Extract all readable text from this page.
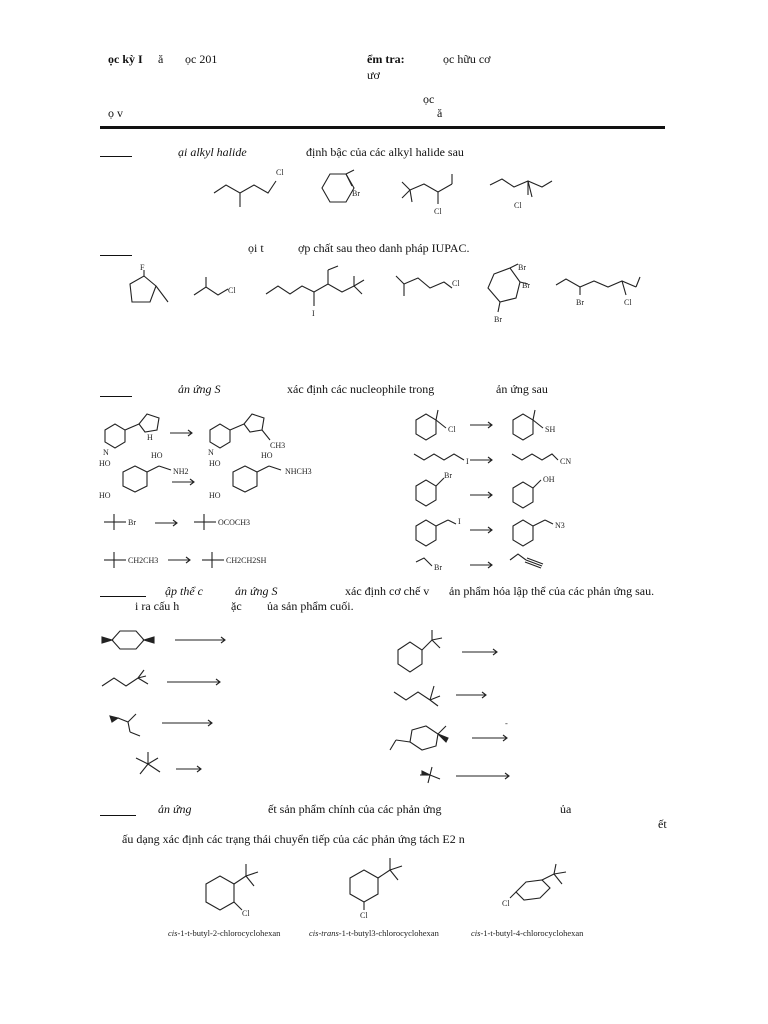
ọc kỳ I ă ọc 201	ểm tra:	ọc hữu cơ
ươ
ọc
ọ v	ă
ại alkyl halide	định bậc của các alkyl halide sau
Cl
Br
Cl
Cl
ọi t	ợp chất sau theo danh pháp IUPAC.
F
Cl
I
Cl
Br
Br
Br
Br	Cl
ản ứng S	xác định các nucleophile trong	ản ứng sau
N
H
N
CH3
HO
HO
HO
NH2
HO
HO
HO
NHCH3
Br	OCOCH3
CH2CH3	CH2CH2SH
Cl	SH
I	CN
Br	OH
I	N3
Br
ập thể c	ản ứng S	xác định cơ chế v ản phẩm hóa lập thể của các phản ứng sau.
i ra cấu h	ặc ủa sản phẩm cuối.
-
ản ứng	ết sản phẩm chính của các phản ứng	ủa
ết
ấu dạng xác định các trạng thái chuyển tiếp của các phản ứng tách E2 n
Cl	Cl
Cl
cis-1-t-butyl-2-chlorocyclohexan	cis-trans-1-t-butyl3-chlorocyclohexan	cis-1-t-butyl-4-chlorocyclohexan
